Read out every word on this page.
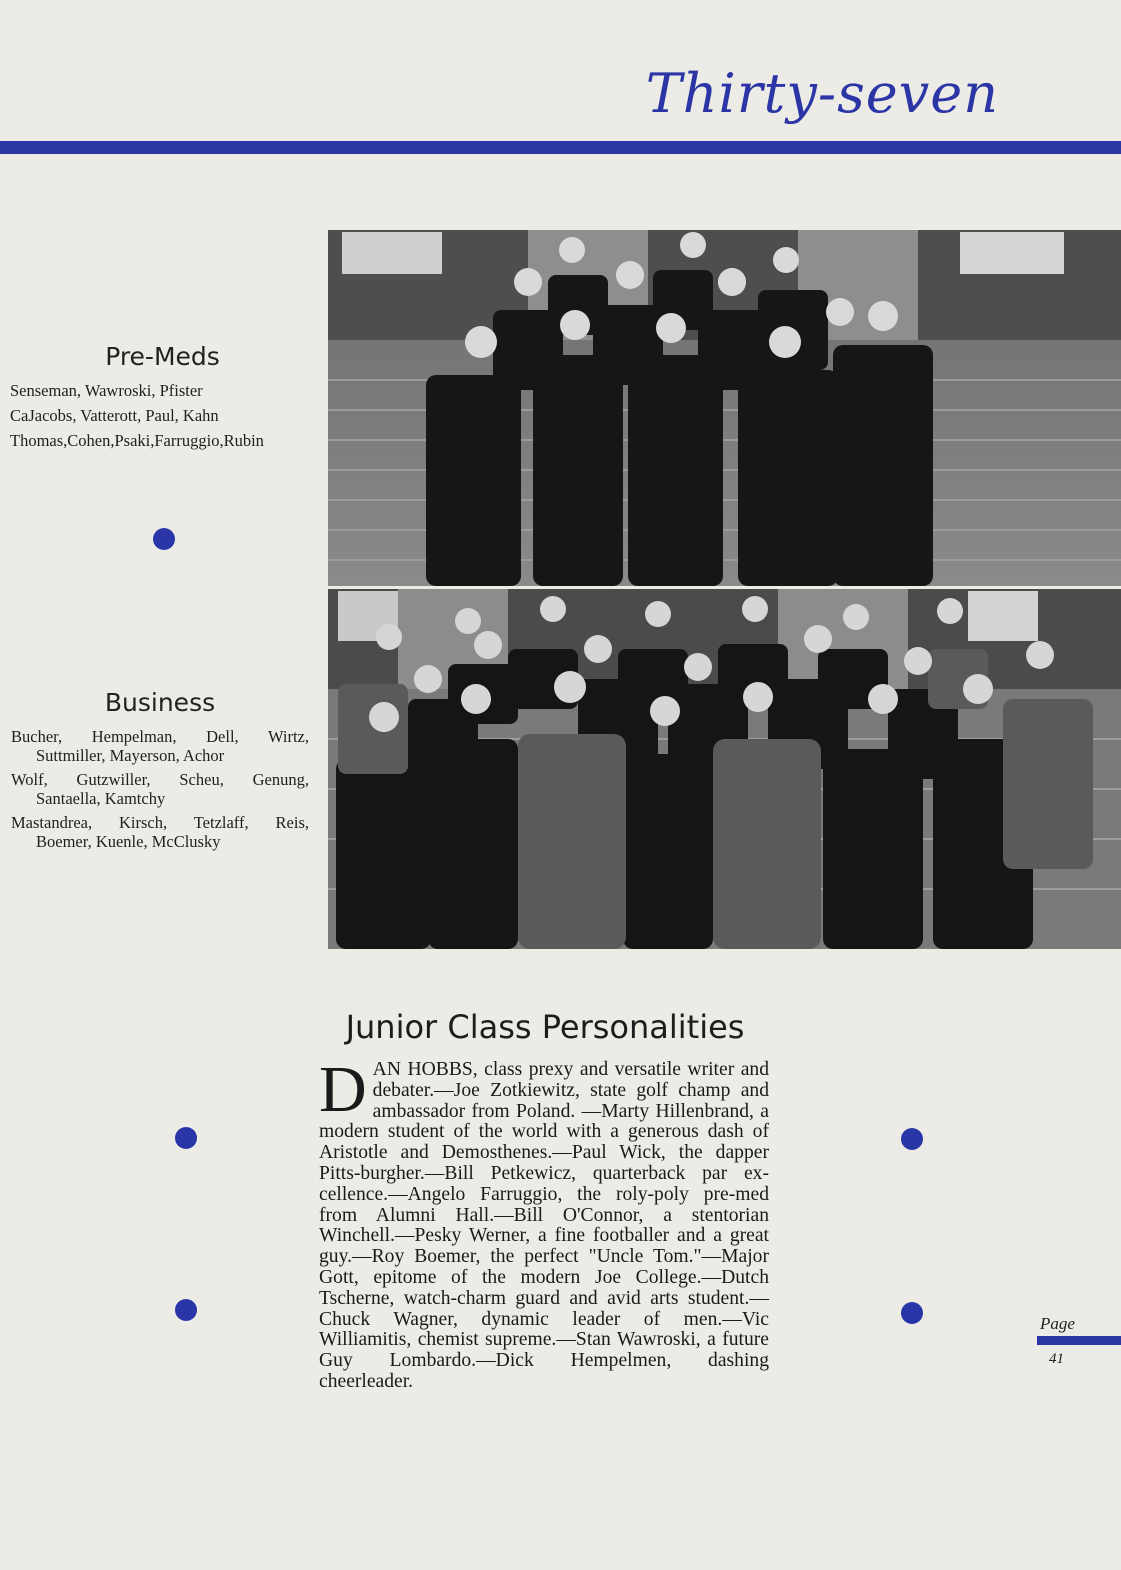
Thirty-seven
Pre-Meds

Senseman, Wawroski, Pfister

CaJacobs, Vatterott, Paul, Kahn

Thomas,Cohen,Psaki,Farruggio,Rubin

Business

Bucher, Hempelman, Dell, Wirtz,
Suttmiller, Mayerson, Achor

Wolf, Gutzwiller, Scheu, Genung,
Santaella, Kamtchy

Mastandrea, Kirsch, Tetzlaff, Reis,
Boemer, Kuenle, McClusky

Junior Class Personalities
DAN HOBBS, class prexy and versatile writer and debater.—Joe Zotkiewitz, state golf champ and ambassador from Poland. —Marty Hillenbrand, a modern student of the world with a generous dash of Aristotle and Demosthenes.—Paul Wick, the dapper Pitts-burgher.—Bill Petkewicz, quarterback par ex-cellence.—Angelo Farruggio, the roly-poly pre-med from Alumni Hall.—Bill O'Connor, a stentorian Winchell.—Pesky Werner, a fine footballer and a great guy.—Roy Boemer, the perfect "Uncle Tom."—Major Gott, epitome of the modern Joe College.—Dutch Tscherne, watch-charm guard and avid arts student.—Chuck Wagner, dynamic leader of men.—Vic Williamitis, chemist supreme.—Stan Wawroski, a future Guy Lombardo.—Dick Hempelmen, dashing cheerleader.
Page
41
